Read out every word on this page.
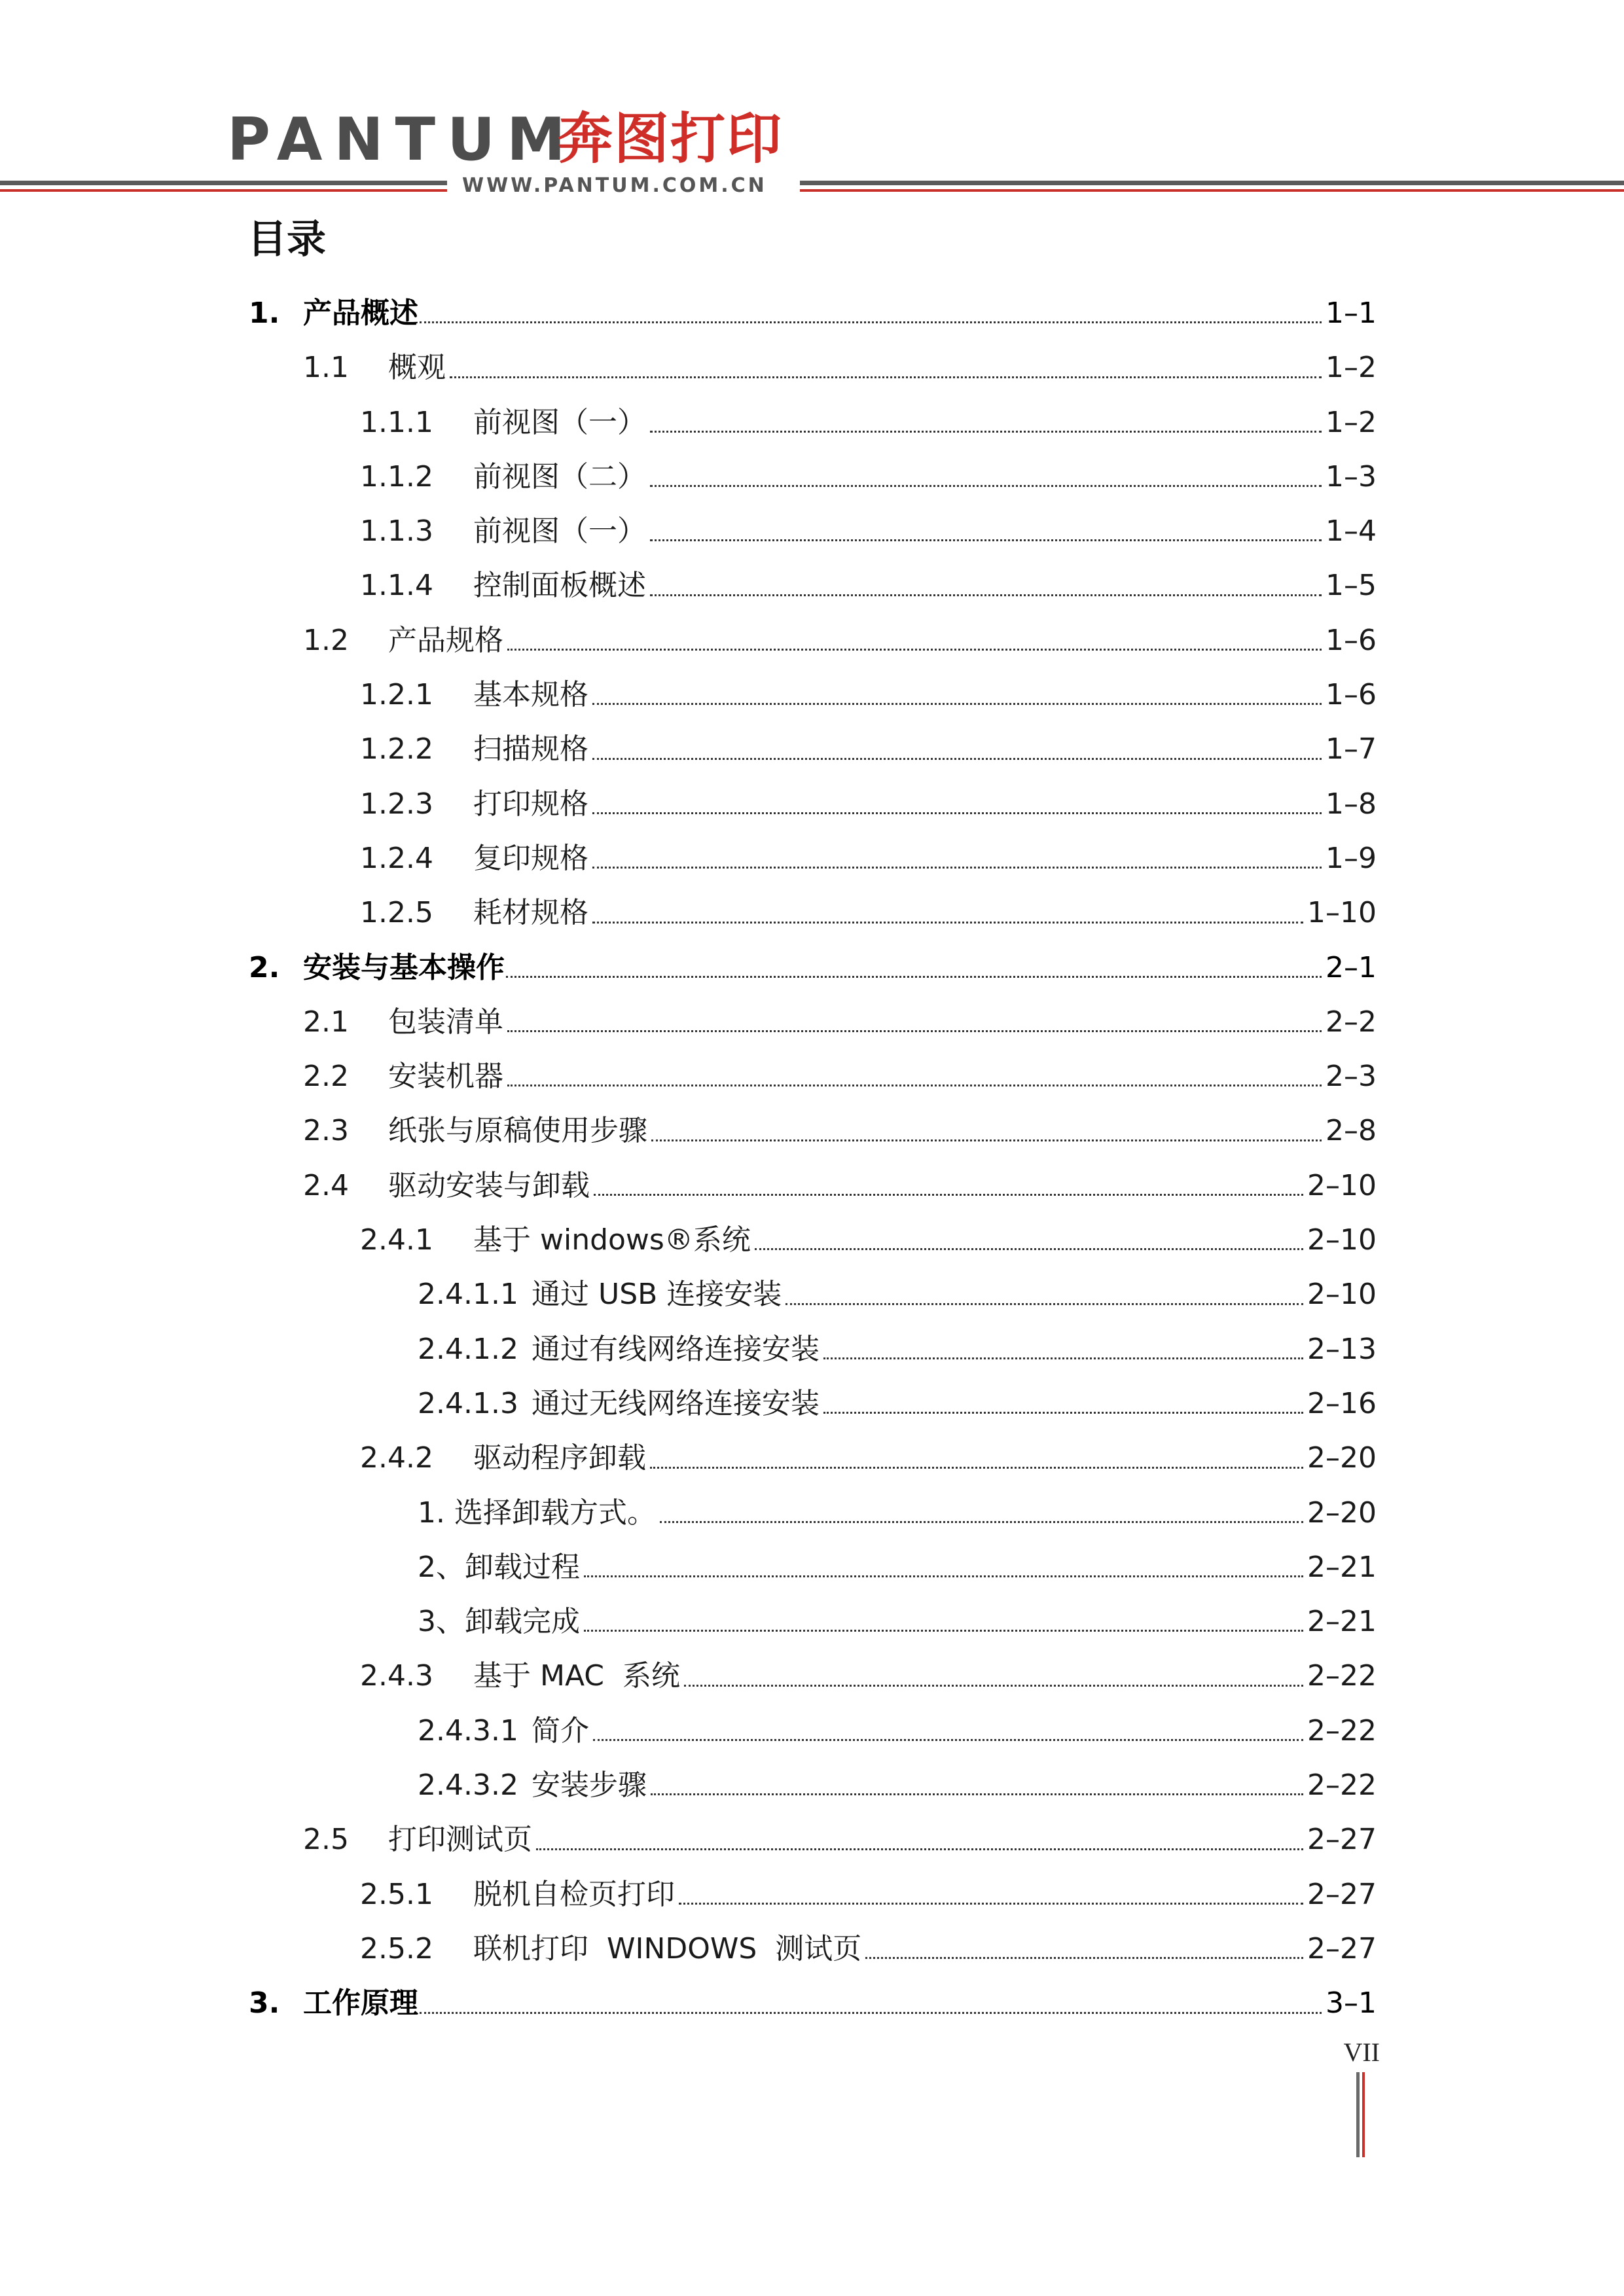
PANTUM
奔图打印
WWW.PANTUM.COM.CN
目录
1. 产品概述	1–1
1.1 概观	1–2
1.1.1 前视图（一）	1–2
1.1.2 前视图（二）	1–3
1.1.3 前视图（一）	1–4
1.1.4 控制面板概述	1–5
1.2 产品规格	1–6
1.2.1 基本规格	1–6
1.2.2 扫描规格	1–7
1.2.3 打印规格	1–8
1.2.4 复印规格	1–9
1.2.5 耗材规格	1–10
2. 安装与基本操作	2–1
2.1 包装清单	2–2
2.2 安装机器	2–3
2.3 纸张与原稿使用步骤	2–8
2.4 驱动安装与卸载	2–10
2.4.1 基于 windows®系统	2–10
2.4.1.1 通过 USB 连接安装	2–10
2.4.1.2 通过有线网络连接安装	2–13
2.4.1.3 通过无线网络连接安装	2–16
2.4.2 驱动程序卸载	2–20
1. 选择卸载方式。	2–20
2、卸载过程	2–21
3、卸载完成	2–21
2.4.3 基于 MAC  系统	2–22
2.4.3.1 简介	2–22
2.4.3.2 安装步骤	2–22
2.5 打印测试页	2–27
2.5.1 脱机自检页打印	2–27
2.5.2 联机打印  WINDOWS  测试页	2–27
3. 工作原理	3–1
VII
